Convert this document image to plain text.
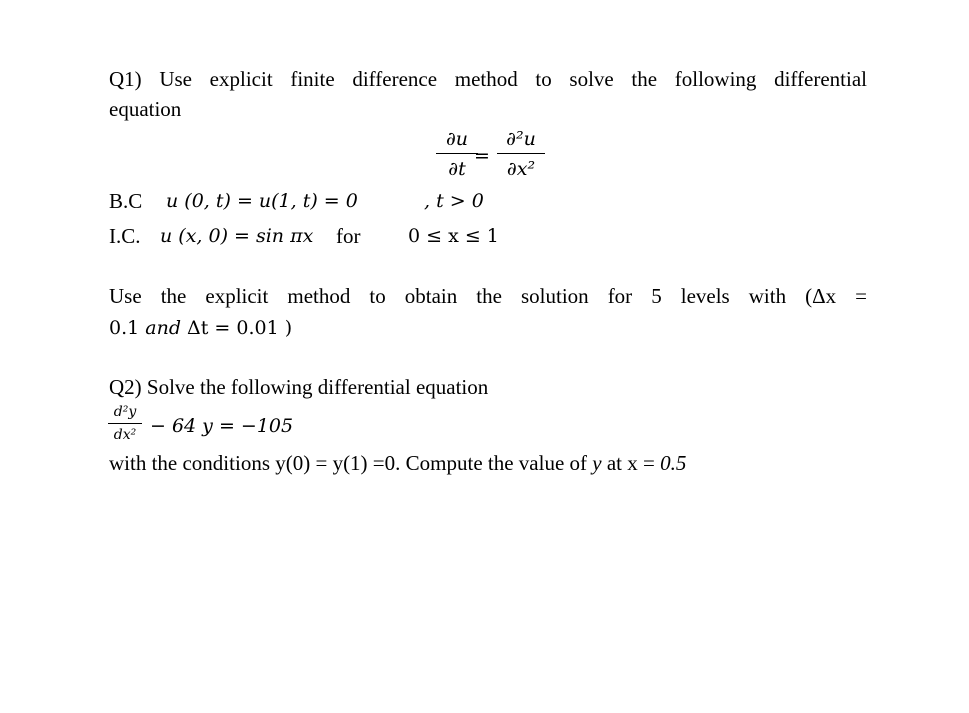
Q1) Use explicit finite difference method to solve the following differential
equation
∂u
∂t
=
∂²u
∂x²
B.C u (0, t) = u(1, t) = 0	, t > 0
I.C. u (x, 0) = sin πx for	0 ≤ x ≤ 1
Use the explicit method to obtain the solution for 5 levels with (Δx =
0.1 and Δt = 0.01 )
Q2) Solve the following differential equation
d²y
dx² − 64 y = −105
with the conditions y(0) = y(1) =0. Compute the value of y at x = 0.5
